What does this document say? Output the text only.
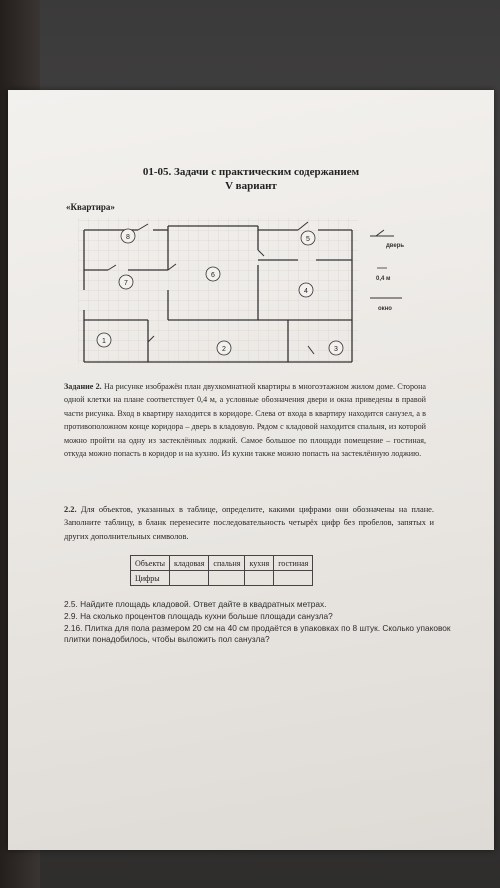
01-05. Задачи с практическим содержанием
V вариант
«Квартира»
8	5
6
7
4
1
2	3
дверь
0,4 м
окно
Задание 2. На рисунке изображён план двухкомнатной квартиры в многоэтажном жилом доме. Сторона одной клетки на плане соответствует 0,4 м, а условные обозначения двери и окна приведены в правой части рисунка. Вход в квартиру находится в коридоре. Слева от входа в квартиру находится санузел, а в противоположном конце коридора – дверь в кладовую. Рядом с кладовой находится спальня, из которой можно пройти на одну из застеклённых лоджий. Самое большое по площади помещение – гостиная, откуда можно попасть в коридор и на кухню. Из кухни также можно попасть на застеклённую лоджию.
2.2. Для объектов, указанных в таблице, определите, какими цифрами они обозначены на плане. Заполните таблицу, в бланк перенесите последовательность четырёх цифр без пробелов, запятых и других дополнительных символов.
Объекты	кладовая	спальня	кухня	гостиная
Цифры				
2.5. Найдите площадь кладовой. Ответ дайте в квадратных метрах.
2.9. На сколько процентов площадь кухни больше площади санузла?
2.16. Плитка для пола размером 20 см на 40 см продаётся в упаковках по 8 штук. Сколько упаковок плитки понадобилось, чтобы выложить пол санузла?
